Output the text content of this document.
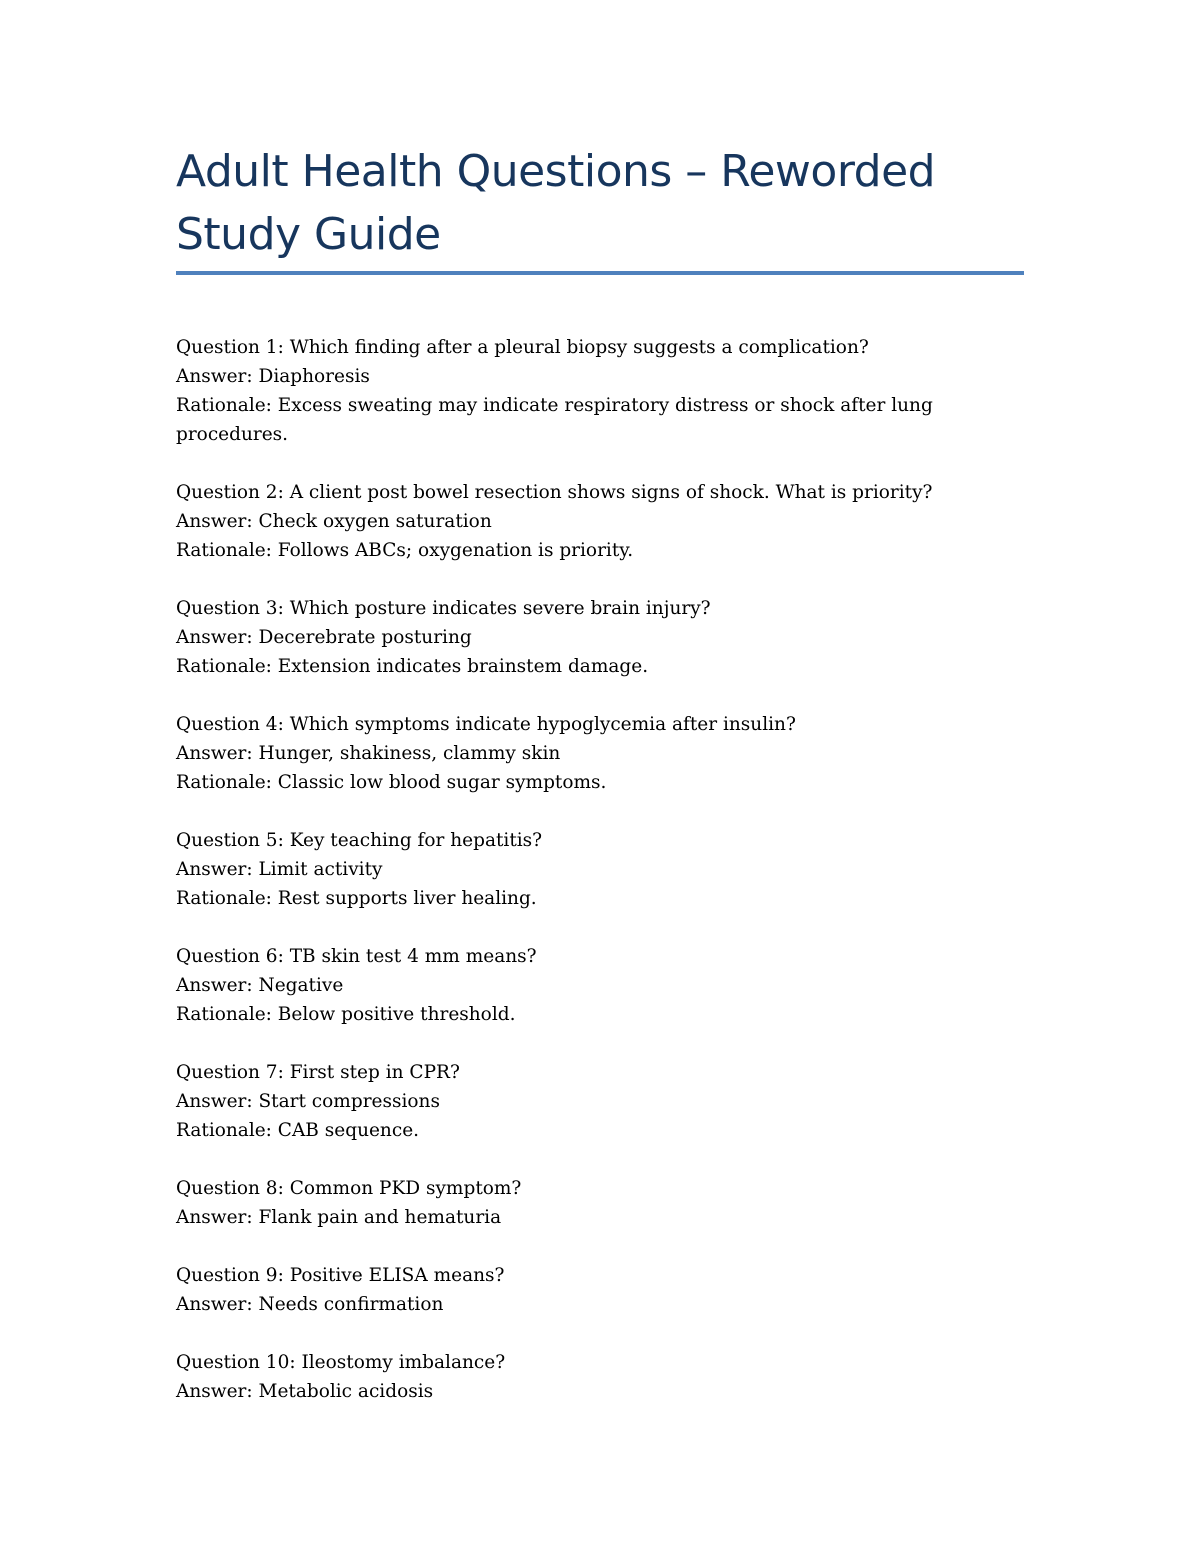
Adult Health Questions – Reworded Study Guide

Question 1: Which finding after a pleural biopsy suggests a complication?

Answer: Diaphoresis

Rationale: Excess sweating may indicate respiratory distress or shock after lung procedures.

Question 2: A client post bowel resection shows signs of shock. What is priority?

Answer: Check oxygen saturation

Rationale: Follows ABCs; oxygenation is priority.

Question 3: Which posture indicates severe brain injury?

Answer: Decerebrate posturing

Rationale: Extension indicates brainstem damage.

Question 4: Which symptoms indicate hypoglycemia after insulin?

Answer: Hunger, shakiness, clammy skin

Rationale: Classic low blood sugar symptoms.

Question 5: Key teaching for hepatitis?

Answer: Limit activity

Rationale: Rest supports liver healing.

Question 6: TB skin test 4 mm means?

Answer: Negative

Rationale: Below positive threshold.

Question 7: First step in CPR?

Answer: Start compressions

Rationale: CAB sequence.

Question 8: Common PKD symptom?

Answer: Flank pain and hematuria

Question 9: Positive ELISA means?

Answer: Needs confirmation

Question 10: Ileostomy imbalance?

Answer: Metabolic acidosis
